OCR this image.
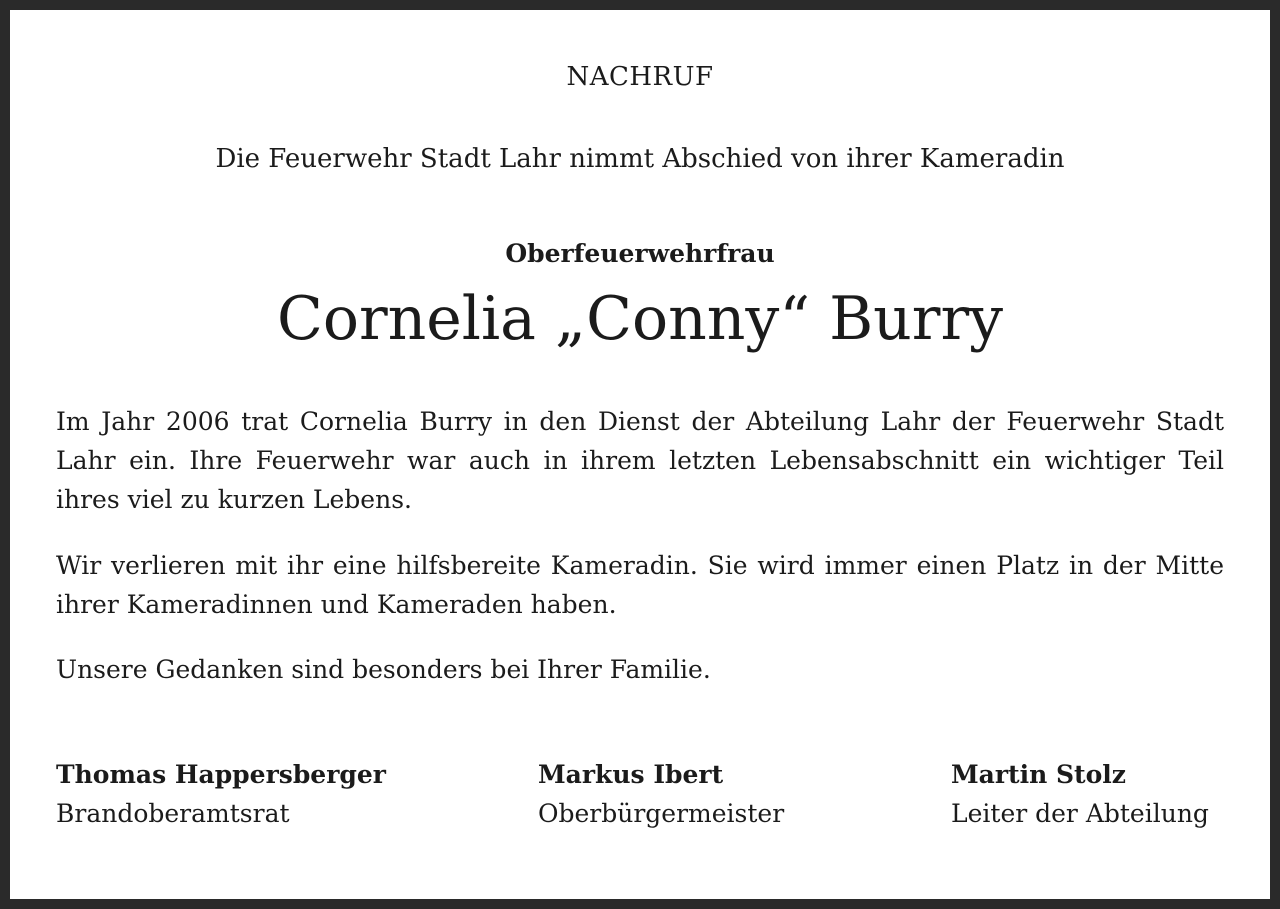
NACHRUF
Die Feuerwehr Stadt Lahr nimmt Abschied von ihrer Kameradin
Oberfeuerwehrfrau
Cornelia „Conny“ Burry
Im Jahr 2006 trat Cornelia Burry in den Dienst der Abteilung Lahr der Feuerwehr Stadt Lahr ein. Ihre Feuerwehr war auch in ihrem letzten Lebensabschnitt ein wichtiger Teil ihres viel zu kurzen Lebens.
Wir verlieren mit ihr eine hilfsbereite Kameradin. Sie wird immer einen Platz in der Mitte ihrer Kameradinnen und Kameraden haben.
Unsere Gedanken sind besonders bei Ihrer Familie.
Thomas Happersberger
Brandoberamtsrat
Markus Ibert
Oberbürgermeister
Martin Stolz
Leiter der Abteilung
